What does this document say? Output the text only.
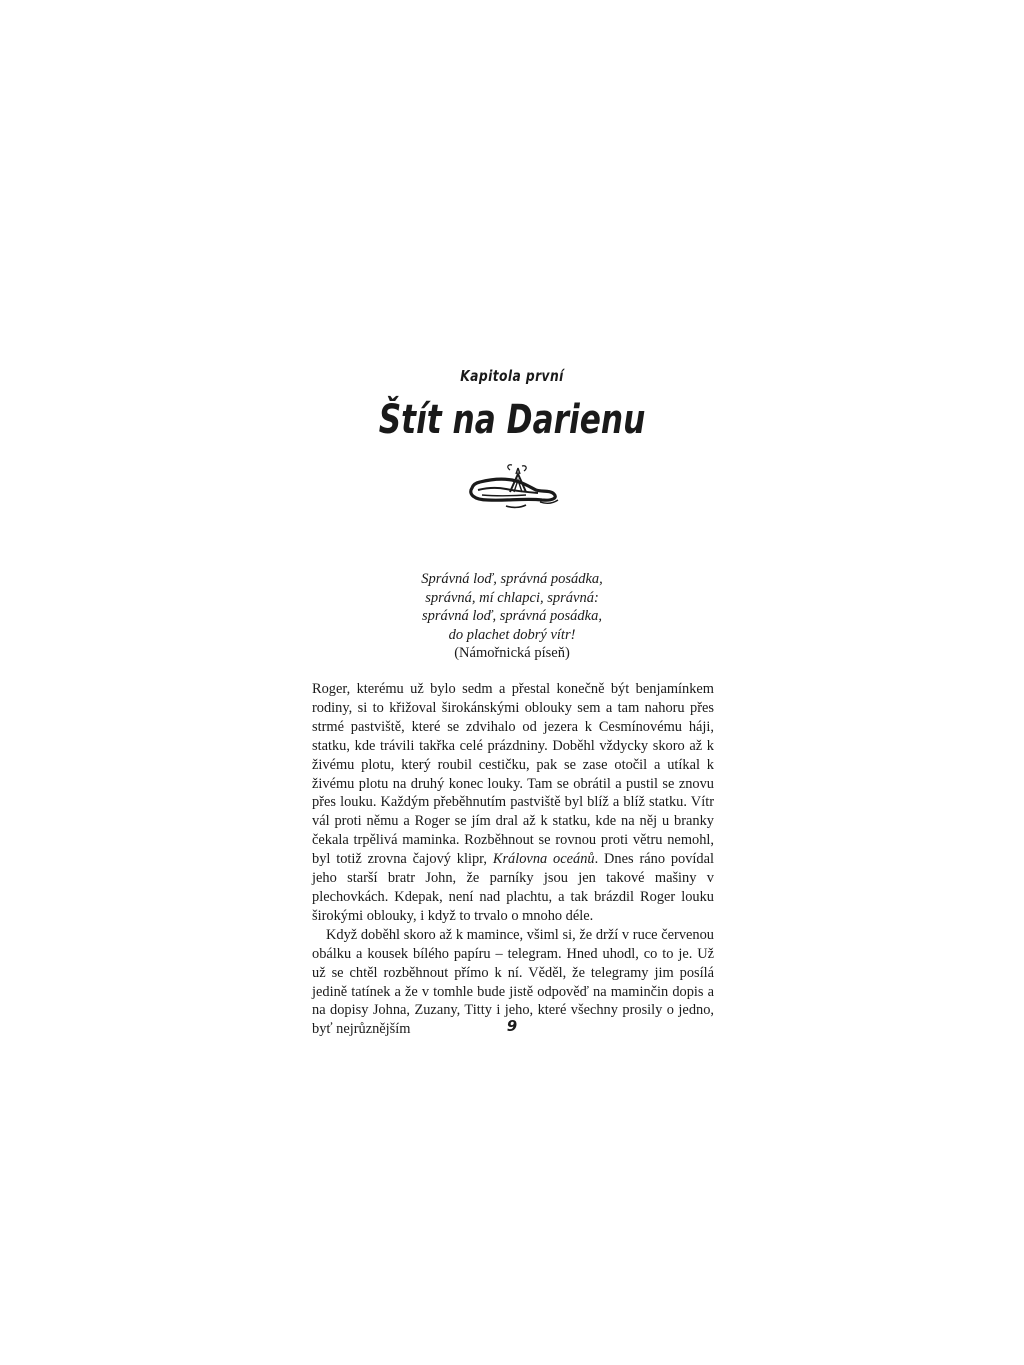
Kapitola první
Štít na Darienu
Správná loď, správná posádka,
správná, mí chlapci, správná:
správná loď, správná posádka,
do plachet dobrý vítr!
(Námořnická píseň)

Roger, kterému už bylo sedm a přestal konečně být benjamínkem rodiny, si to křižoval širokánskými oblouky sem a tam nahoru přes strmé pastviště, které se zdvihalo od jezera k Cesmínovému háji, statku, kde trávili takřka celé prázdniny. Doběhl vždycky skoro až k živému plotu, který roubil cestičku, pak se zase otočil a utíkal k živému plotu na druhý konec louky. Tam se obrátil a pustil se znovu přes louku. Každým přeběhnutím pastviště byl blíž a blíž statku. Vítr vál proti němu a Roger se jím dral až k statku, kde na něj u branky čekala trpělivá maminka. Rozběhnout se rovnou proti větru nemohl, byl totiž zrovna čajový klipr, Královna oceánů. Dnes ráno povídal jeho starší bratr John, že parníky jsou jen takové mašiny v plechovkách. Kdepak, není nad plachtu, a tak brázdil Roger louku širokými oblouky, i když to trvalo o mnoho déle.

Když doběhl skoro až k mamince, všiml si, že drží v ruce červenou obálku a kousek bílého papíru – telegram. Hned uhodl, co to je. Už už se chtěl rozběhnout přímo k ní. Věděl, že telegramy jim posílá jedině tatínek a že v tomhle bude jistě odpověď na maminčin dopis a na dopisy Johna, Zuzany, Titty i jeho, které všechny prosily o jedno, byť nejrůznějším	9
